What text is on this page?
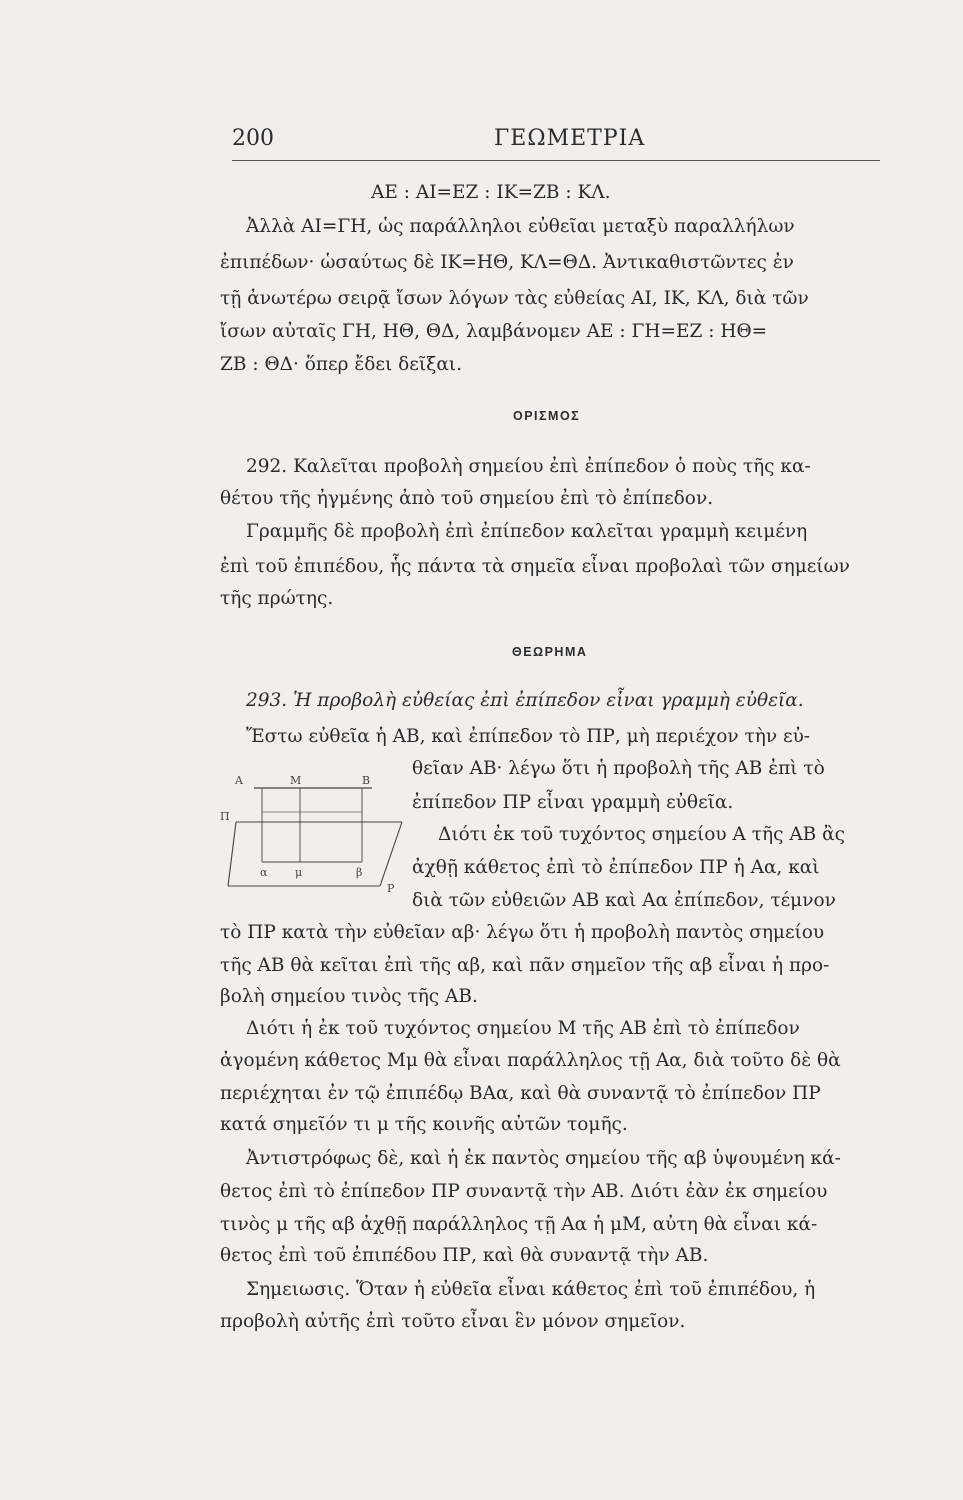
200	ΓΕΩΜΕΤΡΙΑ
ΑΕ : ΑΙ=ΕΖ : ΙΚ=ΖΒ : ΚΛ.
Ἀλλὰ ΑΙ=ΓΗ, ὡς παράλληλοι εὐθεῖαι μεταξὺ παραλλήλων
ἐπιπέδων· ὡσαύτως δὲ ΙΚ=ΗΘ, ΚΛ=ΘΔ. Ἀντικαθιστῶντες ἐν
τῇ ἀνωτέρω σειρᾷ ἴσων λόγων τὰς εὐθείας ΑΙ, ΙΚ, ΚΛ, διὰ τῶν
ἴσων αὐταῖς ΓΗ, ΗΘ, ΘΔ, λαμβάνομεν ΑΕ : ΓΗ=ΕΖ : ΗΘ=
ΖΒ : ΘΔ· ὅπερ ἔδει δεῖξαι.
ΟΡΙΣΜΟΣ
292. Καλεῖται προβολὴ σημείου ἐπὶ ἐπίπεδον ὁ ποὺς τῆς κα-
θέτου τῆς ἠγμένης ἀπὸ τοῦ σημείου ἐπὶ τὸ ἐπίπεδον.
Γραμμῆς δὲ προβολὴ ἐπὶ ἐπίπεδον καλεῖται γραμμὴ κειμένη
ἐπὶ τοῦ ἐπιπέδου, ἧς πάντα τὰ σημεῖα εἶναι προβολαὶ τῶν σημείων
τῆς πρώτης.
ΘΕΩΡΗΜΑ
293. Ἡ προβολὴ εὐθείας ἐπὶ ἐπίπεδον εἶναι γραμμὴ εὐθεῖα.
Ἔστω εὐθεῖα ἡ ΑΒ, καὶ ἐπίπεδον τὸ ΠΡ, μὴ περιέχον τὴν εὐ-
θεῖαν ΑΒ· λέγω ὅτι ἡ προβολὴ τῆς ΑΒ ἐπὶ τὸ
ἐπίπεδον ΠΡ εἶναι γραμμὴ εὐθεῖα.
Διότι ἐκ τοῦ τυχόντος σημείου Α τῆς ΑΒ ἂς
ἀχθῇ κάθετος ἐπὶ τὸ ἐπίπεδον ΠΡ ἡ Αα, καὶ
διὰ τῶν εὐθειῶν ΑΒ καὶ Αα ἐπίπεδον, τέμνον
τὸ ΠΡ κατὰ τὴν εὐθεῖαν αβ· λέγω ὅτι ἡ προβολὴ παντὸς σημείου
τῆς ΑΒ θὰ κεῖται ἐπὶ τῆς αβ, καὶ πᾶν σημεῖον τῆς αβ εἶναι ἡ προ-
βολὴ σημείου τινὸς τῆς ΑΒ.
Διότι ἡ ἐκ τοῦ τυχόντος σημείου Μ τῆς ΑΒ ἐπὶ τὸ ἐπίπεδον
ἀγομένη κάθετος Μμ θὰ εἶναι παράλληλος τῇ Αα, διὰ τοῦτο δὲ θὰ
περιέχηται ἐν τῷ ἐπιπέδῳ ΒΑα, καὶ θὰ συναντᾷ τὸ ἐπίπεδον ΠΡ
κατά σημεῖόν τι μ τῆς κοινῆς αὐτῶν τομῆς.
Ἀντιστρόφως δὲ, καὶ ἡ ἐκ παντὸς σημείου τῆς αβ ὑψουμένη κά-
θετος ἐπὶ τὸ ἐπίπεδον ΠΡ συναντᾷ τὴν ΑΒ. Διότι ἐὰν ἐκ σημείου
τινὸς μ τῆς αβ ἀχθῇ παράλληλος τῇ Αα ἡ μΜ, αὐτη θὰ εἶναι κά-
θετος ἐπὶ τοῦ ἐπιπέδου ΠΡ, καὶ θὰ συναντᾷ τὴν ΑΒ.
Σημειωσις. Ὅταν ἡ εὐθεῖα εἶναι κάθετος ἐπὶ τοῦ ἐπιπέδου, ἡ
προβολὴ αὐτῆς ἐπὶ τοῦτο εἶναι ἓν μόνον σημεῖον.
Α	Μ	Β
Π
α	μ	β
Ρ
